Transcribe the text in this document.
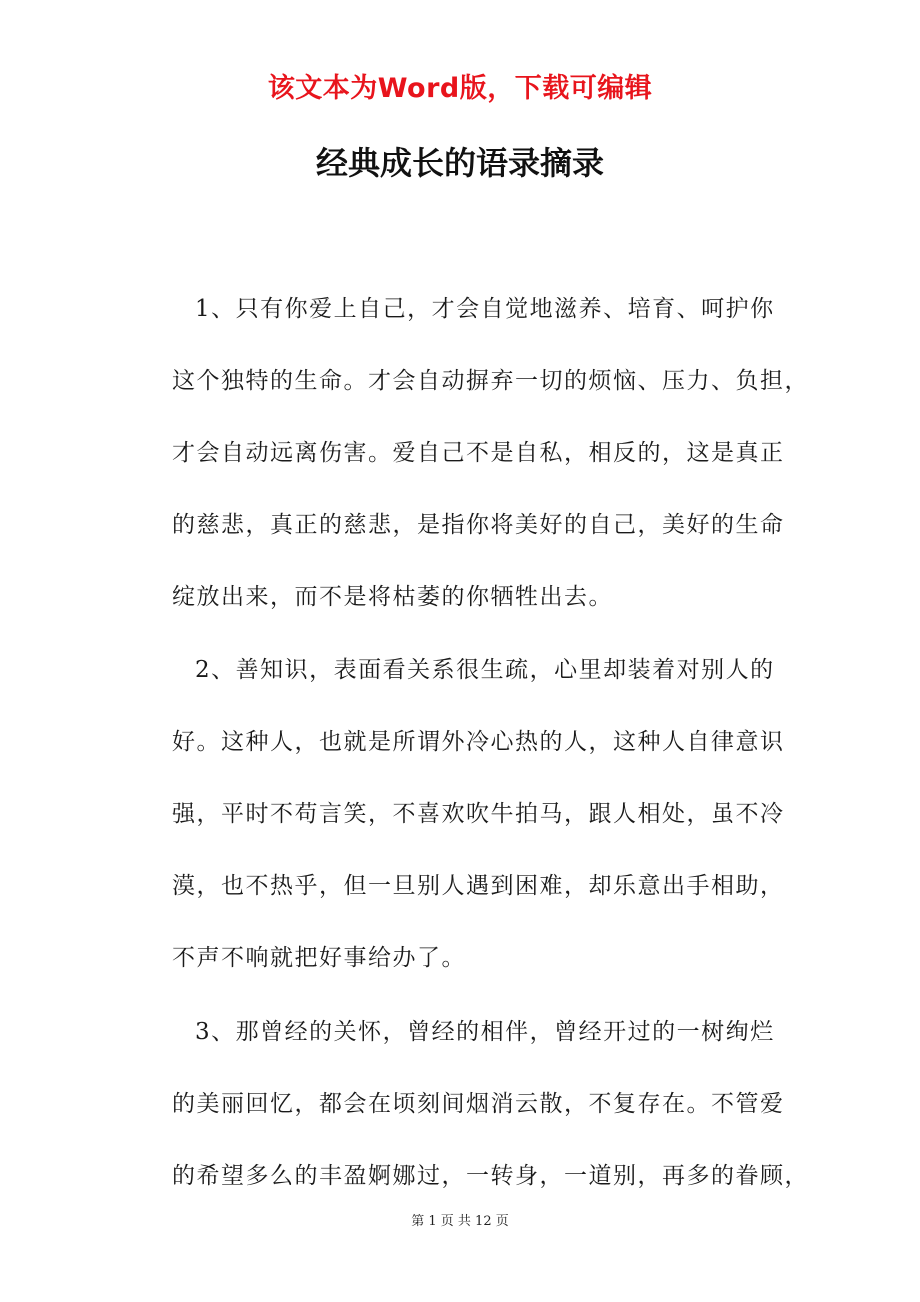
该文本为Word版，下载可编辑
经典成长的语录摘录
1、只有你爱上自己，才会自觉地滋养、培育、呵护你
这个独特的生命。才会自动摒弃一切的烦恼、压力、负担，
才会自动远离伤害。爱自己不是自私，相反的，这是真正
的慈悲，真正的慈悲，是指你将美好的自己，美好的生命
绽放出来，而不是将枯萎的你牺牲出去。
2、善知识，表面看关系很生疏，心里却装着对别人的
好。这种人，也就是所谓外冷心热的人，这种人自律意识
强，平时不苟言笑，不喜欢吹牛拍马，跟人相处，虽不冷
漠，也不热乎，但一旦别人遇到困难，却乐意出手相助，
不声不响就把好事给办了。
3、那曾经的关怀，曾经的相伴，曾经开过的一树绚烂
的美丽回忆，都会在顷刻间烟消云散，不复存在。不管爱
的希望多么的丰盈婀娜过，一转身，一道别，再多的眷顾，
第 1 页 共 12 页
